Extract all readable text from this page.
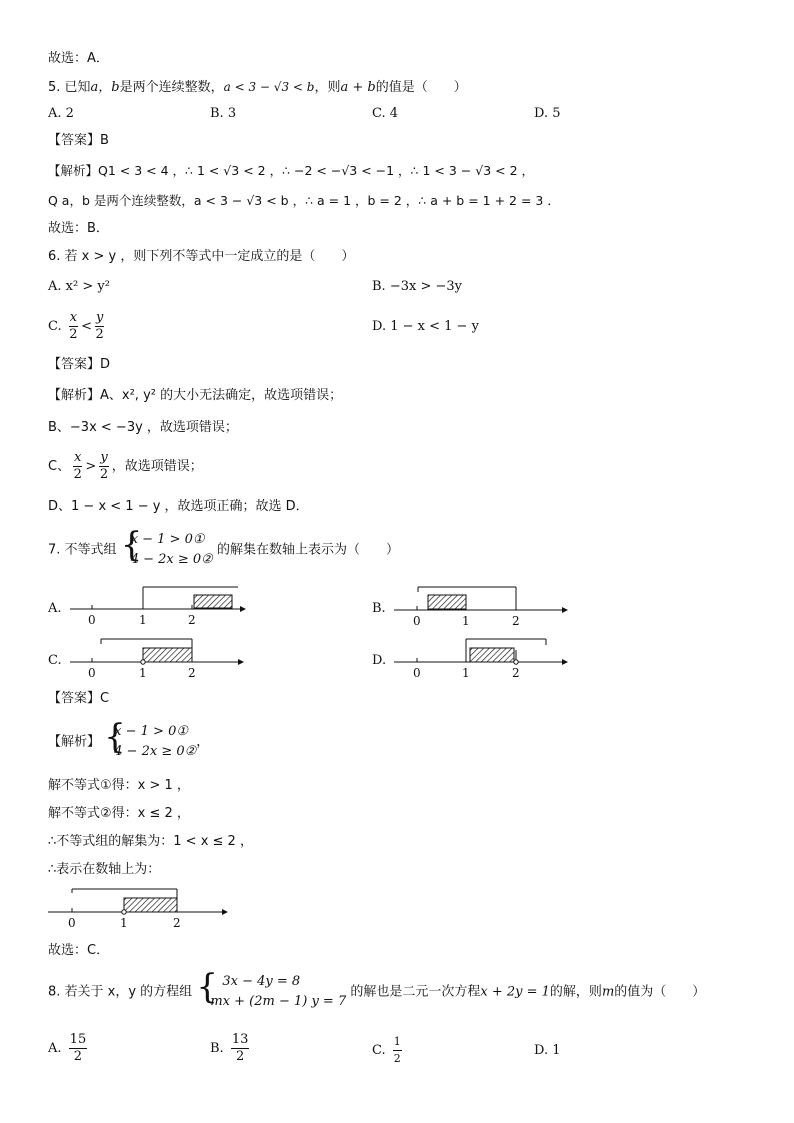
故选：A．
5. 已知a，b是两个连续整数，a < 3 − √3 < b，则a + b的值是（　　）
A. 2	B. 3	C. 4	D. 5
【答案】B
【解析】Q1 < 3 < 4 ，∴ 1 < √3 < 2 ，∴ −2 < −√3 < −1 ，∴ 1 < 3 − √3 < 2 ，
Q a，b 是两个连续整数，a < 3 − √3 < b ，∴ a = 1 ，b = 2 ，∴ a + b = 1 + 2 = 3 ．
故选：B．
6. 若 x > y ，则下列不等式中一定成立的是（　　）
A. x² > y²	B. −3x > −3y
C. $\frac{x}{2} < \frac{y}{2}$	D. 1 − x < 1 − y
【答案】D
【解析】A、x², y² 的大小无法确定，故选项错误；
B、−3x < −3y ，故选项错误；
C、 $\frac{x}{2} > \frac{y}{2}$ ，故选项错误；
D、1 − x < 1 − y ，故选项正确；故选 D．
7. 不等式组 {
x − 1 > 0①
4 − 2x ≥ 0②
的解集在数轴上表示为（　　）
A.	B.
C.	D.
0	1	2	0	1	2
0	1	2	0	1	2
0	1	2
【答案】C
【解析】 {
x − 1 > 0①
4 − 2x ≥ 0②
，
解不等式①得：x > 1 ，
解不等式②得：x ≤ 2 ，
∴不等式组的解集为：1 < x ≤ 2 ，
∴表示在数轴上为：
故选：C．
8. 若关于 x，y 的方程组 { 3x − 4y = 8
mx + (2m − 1) y = 7
的解也是二元一次方程x + 2y = 1的解，则m的值为（　　）
A. $\frac{15}{2}$	B. $\frac{13}{2}$	C. $\frac{1}{2}$	D. 1
